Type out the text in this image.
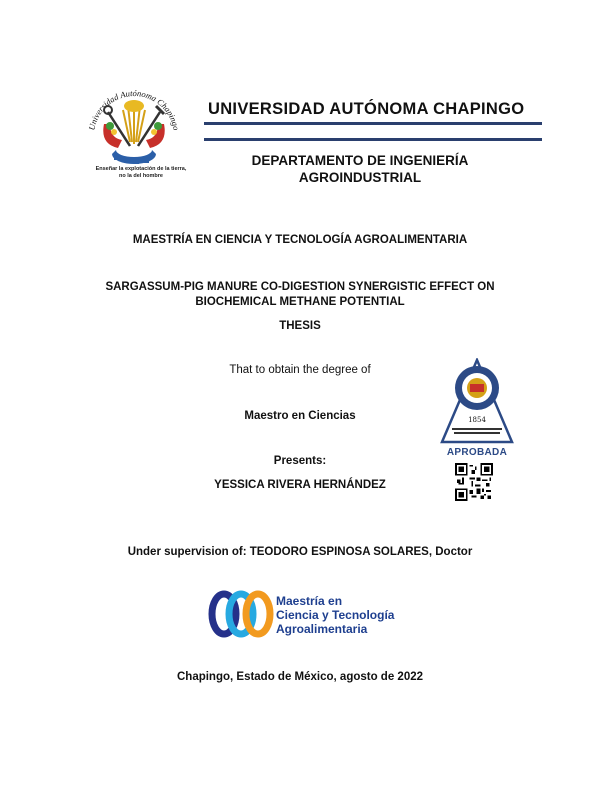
Universidad Autónoma Chapingo
Enseñar la explotación de la tierra,
no la del hombre
UNIVERSIDAD AUTÓNOMA CHAPINGO
DEPARTAMENTO DE INGENIERÍA
AGROINDUSTRIAL
MAESTRÍA EN CIENCIA Y TECNOLOGÍA AGROALIMENTARIA
SARGASSUM-PIG MANURE CO-DIGESTION SYNERGISTIC EFFECT ON
BIOCHEMICAL METHANE POTENTIAL
THESIS
That to obtain the degree of
Maestro en Ciencias
Presents:
YESSICA RIVERA HERNÁNDEZ
1854
APROBADA
Under supervision of: TEODORO ESPINOSA SOLARES, Doctor
Maestría en
Ciencia y Tecnología
Agroalimentaria
Chapingo, Estado de México, agosto de 2022
